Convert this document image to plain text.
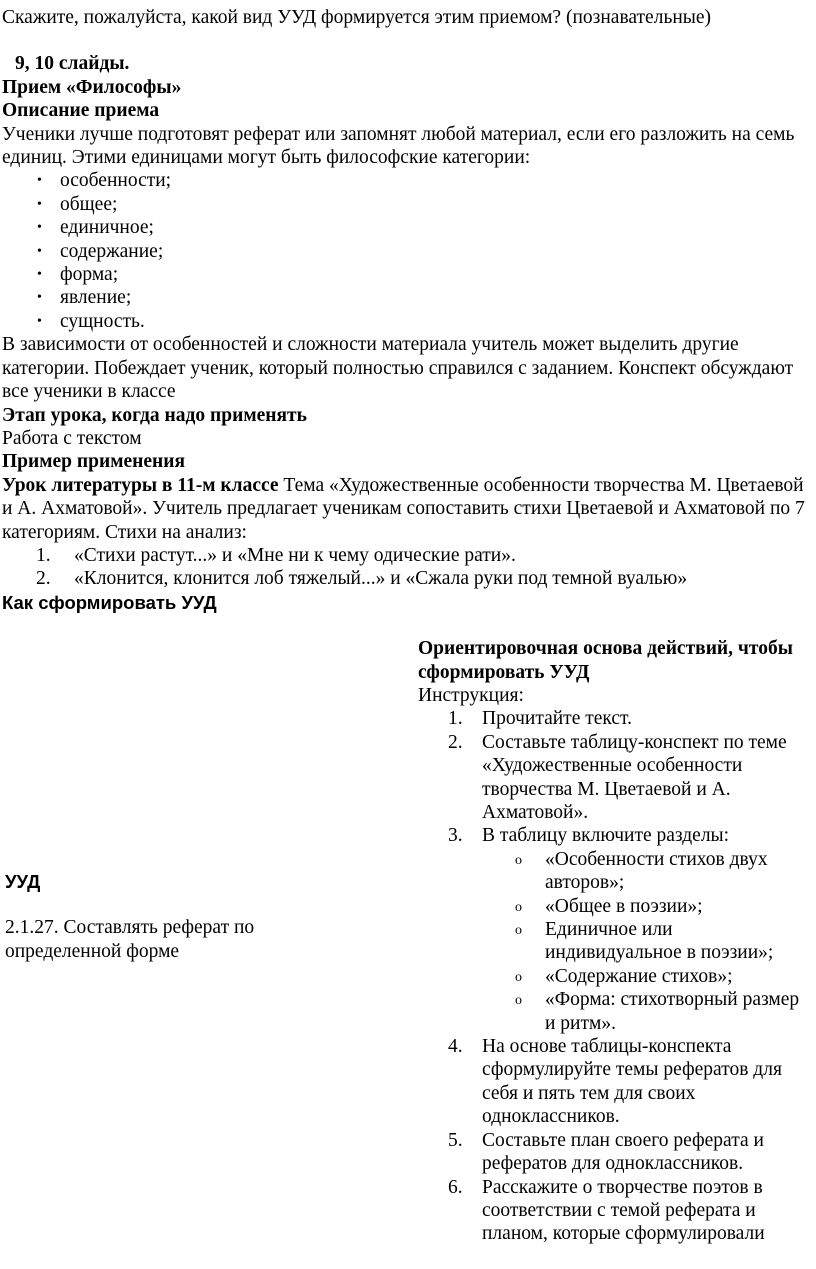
Скажите, пожалуйста, какой вид УУД формируется этим приемом? (познавательные)

9, 10 слайды.

Прием «Философы»

Описание приема

Ученики лучше подготовят реферат или запомнят любой материал, если его разложить на семь единиц. Этими единицами могут быть философские категории:

• особенности;
• общее;
• единичное;
• содержание;
• форма;
• явление;
• сущность.

В зависимости от особенностей и сложности материала учитель может выделить другие категории. Побеждает ученик, который полностью справился с заданием. Конспект обсуждают все ученики в классе

Этап урока, когда надо применять

Работа с текстом

Пример применения

Урок литературы в 11-м классе Тема «Художественные особенности творчества М. Цветаевой и А. Ахматовой». Учитель предлагает ученикам сопоставить стихи Цветаевой и Ахматовой по 7 категориям. Стихи на анализ:

1. «Стихи растут...» и «Мне ни к чему одические рати».
2. «Клонится, клонится лоб тяжелый...» и «Сжала руки под темной вуалью»

Как сформировать УУД

УУД

2.1.27. Составлять реферат по определенной форме

Ориентировочная основа действий, чтобы сформировать УУД

Инструкция:

1. Прочитайте текст.
2. Составьте таблицу-конспект по теме «Художественные особенности творчества М. Цветаевой и А. Ахматовой».
3. В таблицу включите разделы:
o «Особенности стихов двух авторов»;
o «Общее в поэзии»;
o Единичное или индивидуальное в поэзии»;
o «Содержание стихов»;
o «Форма: стихотворный размер и ритм».
4. На основе таблицы-конспекта сформулируйте темы рефератов для себя и пять тем для своих одноклассников.
5. Составьте план своего реферата и рефератов для одноклассников.
6. Расскажите о творчестве поэтов в соответствии с темой реферата и планом, которые сформулировали
